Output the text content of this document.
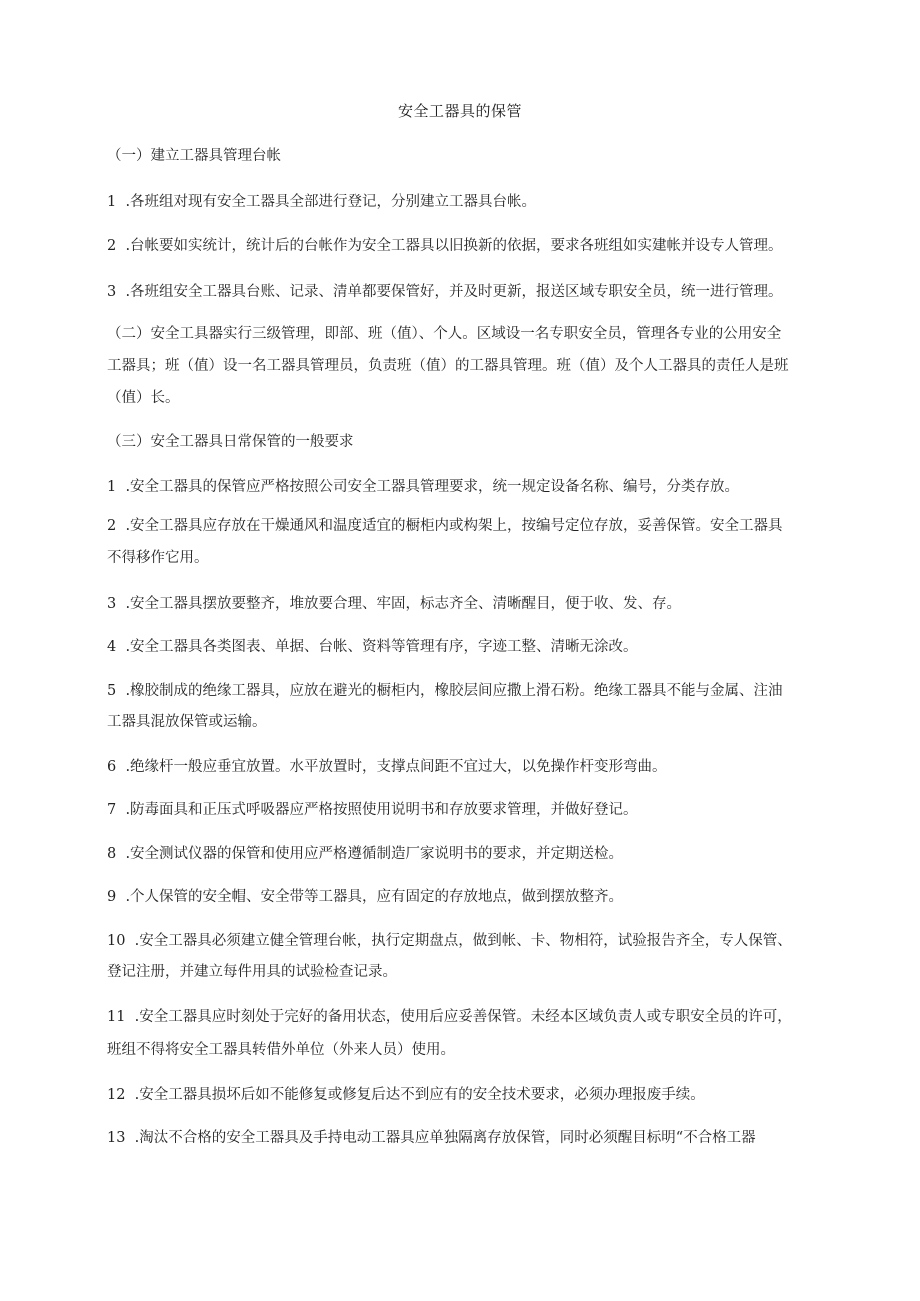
安全工器具的保管
（一）建立工器具管理台帐
1  .各班组对现有安全工器具全部进行登记，分别建立工器具台帐。
2  .台帐要如实统计，统计后的台帐作为安全工器具以旧换新的依据，要求各班组如实建帐并设专人管理。
3  .各班组安全工器具台账、记录、清单都要保管好，并及时更新，报送区域专职安全员，统一进行管理。
（二）安全工具器实行三级管理，即部、班（值）、个人。区域设一名专职安全员，管理各专业的公用安全
工器具；班（值）设一名工器具管理员，负责班（值）的工器具管理。班（值）及个人工器具的责任人是班
（值）长。
（三）安全工器具日常保管的一般要求
1  .安全工器具的保管应严格按照公司安全工器具管理要求，统一规定设备名称、编号，分类存放。
2  .安全工器具应存放在干燥通风和温度适宜的橱柜内或构架上，按编号定位存放，妥善保管。安全工器具
不得移作它用。
3  .安全工器具摆放要整齐，堆放要合理、牢固，标志齐全、清晰醒目，便于收、发、存。
4  .安全工器具各类图表、单据、台帐、资料等管理有序，字迹工整、清晰无涂改。
5  .橡胶制成的绝缘工器具，应放在避光的橱柜内，橡胶层间应撒上滑石粉。绝缘工器具不能与金属、注油
工器具混放保管或运输。
6  .绝缘杆一般应垂宜放置。水平放置时，支撑点间距不宜过大，以免操作杆变形弯曲。
7  .防毒面具和正压式呼吸器应严格按照使用说明书和存放要求管理，并做好登记。
8  .安全测试仪器的保管和使用应严格遵循制造厂家说明书的要求，并定期送检。
9  .个人保管的安全帽、安全带等工器具，应有固定的存放地点，做到摆放整齐。
10  .安全工器具必须建立健全管理台帐，执行定期盘点，做到帐、卡、物相符，试验报告齐全，专人保管、
登记注册，并建立每件用具的试验检查记录。
11  .安全工器具应时刻处于完好的备用状态，使用后应妥善保管。未经本区域负责人或专职安全员的许可，
班组不得将安全工器具转借外单位（外来人员）使用。
12  .安全工器具损坏后如不能修复或修复后达不到应有的安全技术要求，必须办理报废手续。
13  .淘汰不合格的安全工器具及手持电动工器具应单独隔离存放保管，同时必须醒目标明“不合格工器
